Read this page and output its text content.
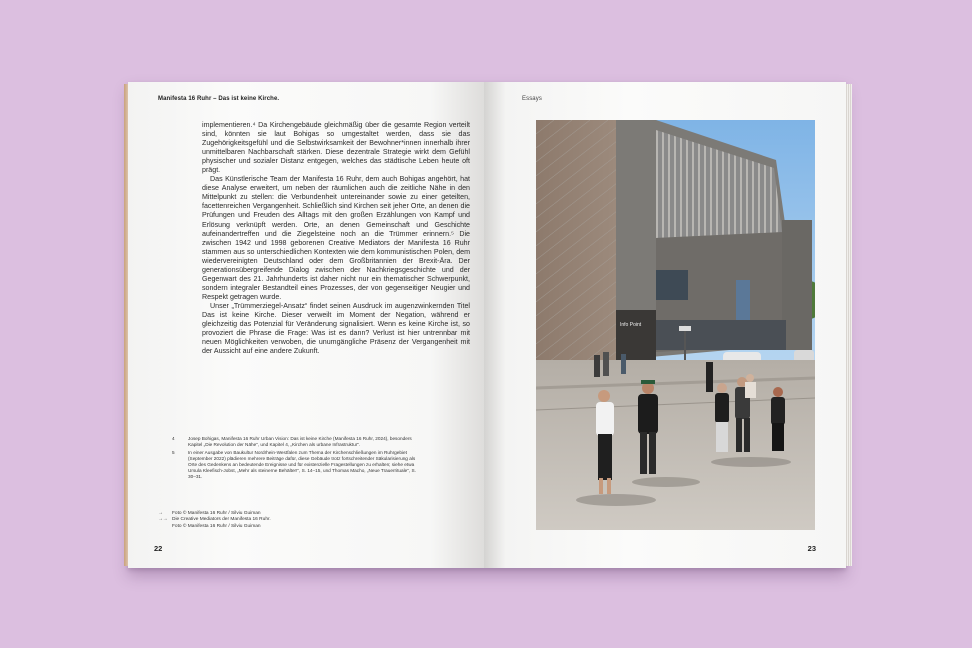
Manifesta 16 Ruhr – Das ist keine Kirche.

implementieren.⁴ Da Kirchengebäude gleichmäßig über die gesamte Region verteilt sind, könnten sie laut Bohigas so umgestaltet werden, dass sie das Zugehörigkeitsgefühl und die Selbstwirksamkeit der Bewohner*innen innerhalb ihrer unmittelbaren Nachbarschaft stärken. Diese dezentrale Strategie wirkt dem Gefühl physischer und sozialer Distanz entgegen, welches das städtische Leben heute oft prägt.

Das Künstlerische Team der Manifesta 16 Ruhr, dem auch Bohigas angehört, hat diese Analyse erweitert, um neben der räumlichen auch die zeitliche Nähe in den Mittelpunkt zu stellen: die Verbundenheit untereinander sowie zu einer geteilten, facettenreichen Vergangenheit. Schließlich sind Kirchen seit jeher Orte, an denen die Prüfungen und Freuden des Alltags mit den großen Erzählungen von Kampf und Erlösung verknüpft werden. Orte, an denen Gemeinschaft und Geschichte aufeinandertreffen und die Ziegelsteine noch an die Trümmer erinnern.⁵ Die zwischen 1942 und 1998 geborenen Creative Mediators der Manifesta 16 Ruhr stammen aus so unterschiedlichen Kontexten wie dem kommunistischen Polen, dem wiedervereinigten Deutschland oder dem Großbritannien der Brexit-Ära. Der generationsübergreifende Dialog zwischen der Nachkriegsgeschichte und der Gegenwart des 21. Jahrhunderts ist daher nicht nur ein thematischer Schwerpunkt, sondern integraler Bestandteil eines Prozesses, der von gegenseitiger Neugier und Respekt getragen wurde.

Unser „Trümmerziegel-Ansatz“ findet seinen Ausdruck im augenzwinkernden Titel Das ist keine Kirche. Dieser verweilt im Moment der Negation, während er gleichzeitig das Potenzial für Veränderung signalisiert. Wenn es keine Kirche ist, so provoziert die Phrase die Frage: Was ist es dann? Verlust ist hier untrennbar mit neuen Möglichkeiten verwoben, die unumgängliche Präsenz der Vergangenheit mit der Aussicht auf eine andere Zukunft.

4	Josep Bohigas, Manifesta 16 Ruhr Urban Vision: Das ist keine Kirche (Manifesta 16 Ruhr, 2024), besonders Kapitel „Die Revolution der Nähe“, und Kapitel 4, „Kirchen als urbane Infrastruktur“.
5	In einer Ausgabe von Baukultur Nordrhein-Westfalen zum Thema der Kirchenschließungen im Ruhrgebiet (September 2022) plädieren mehrere Beiträge dafür, diese Gebäude trotz fortschreitender Säkularisierung als Orte des Gedenkens an bedeutende Ereignisse und für existenzielle Fragestellungen zu erhalten; siehe etwa Ursula Kleefisch-Jobst, „Mehr als steinerne Behälter!“, S. 14–15, und Thomas Macho, „Neue Trauerrituale“, S. 30–31.
→	Foto © Manifesta 16 Ruhr / Silviu Guiman
→→ Die Creative Mediators der Manifesta 16 Ruhr.
Foto © Manifesta 16 Ruhr / Silviu Guiman
22
Essays
Info Point
23
